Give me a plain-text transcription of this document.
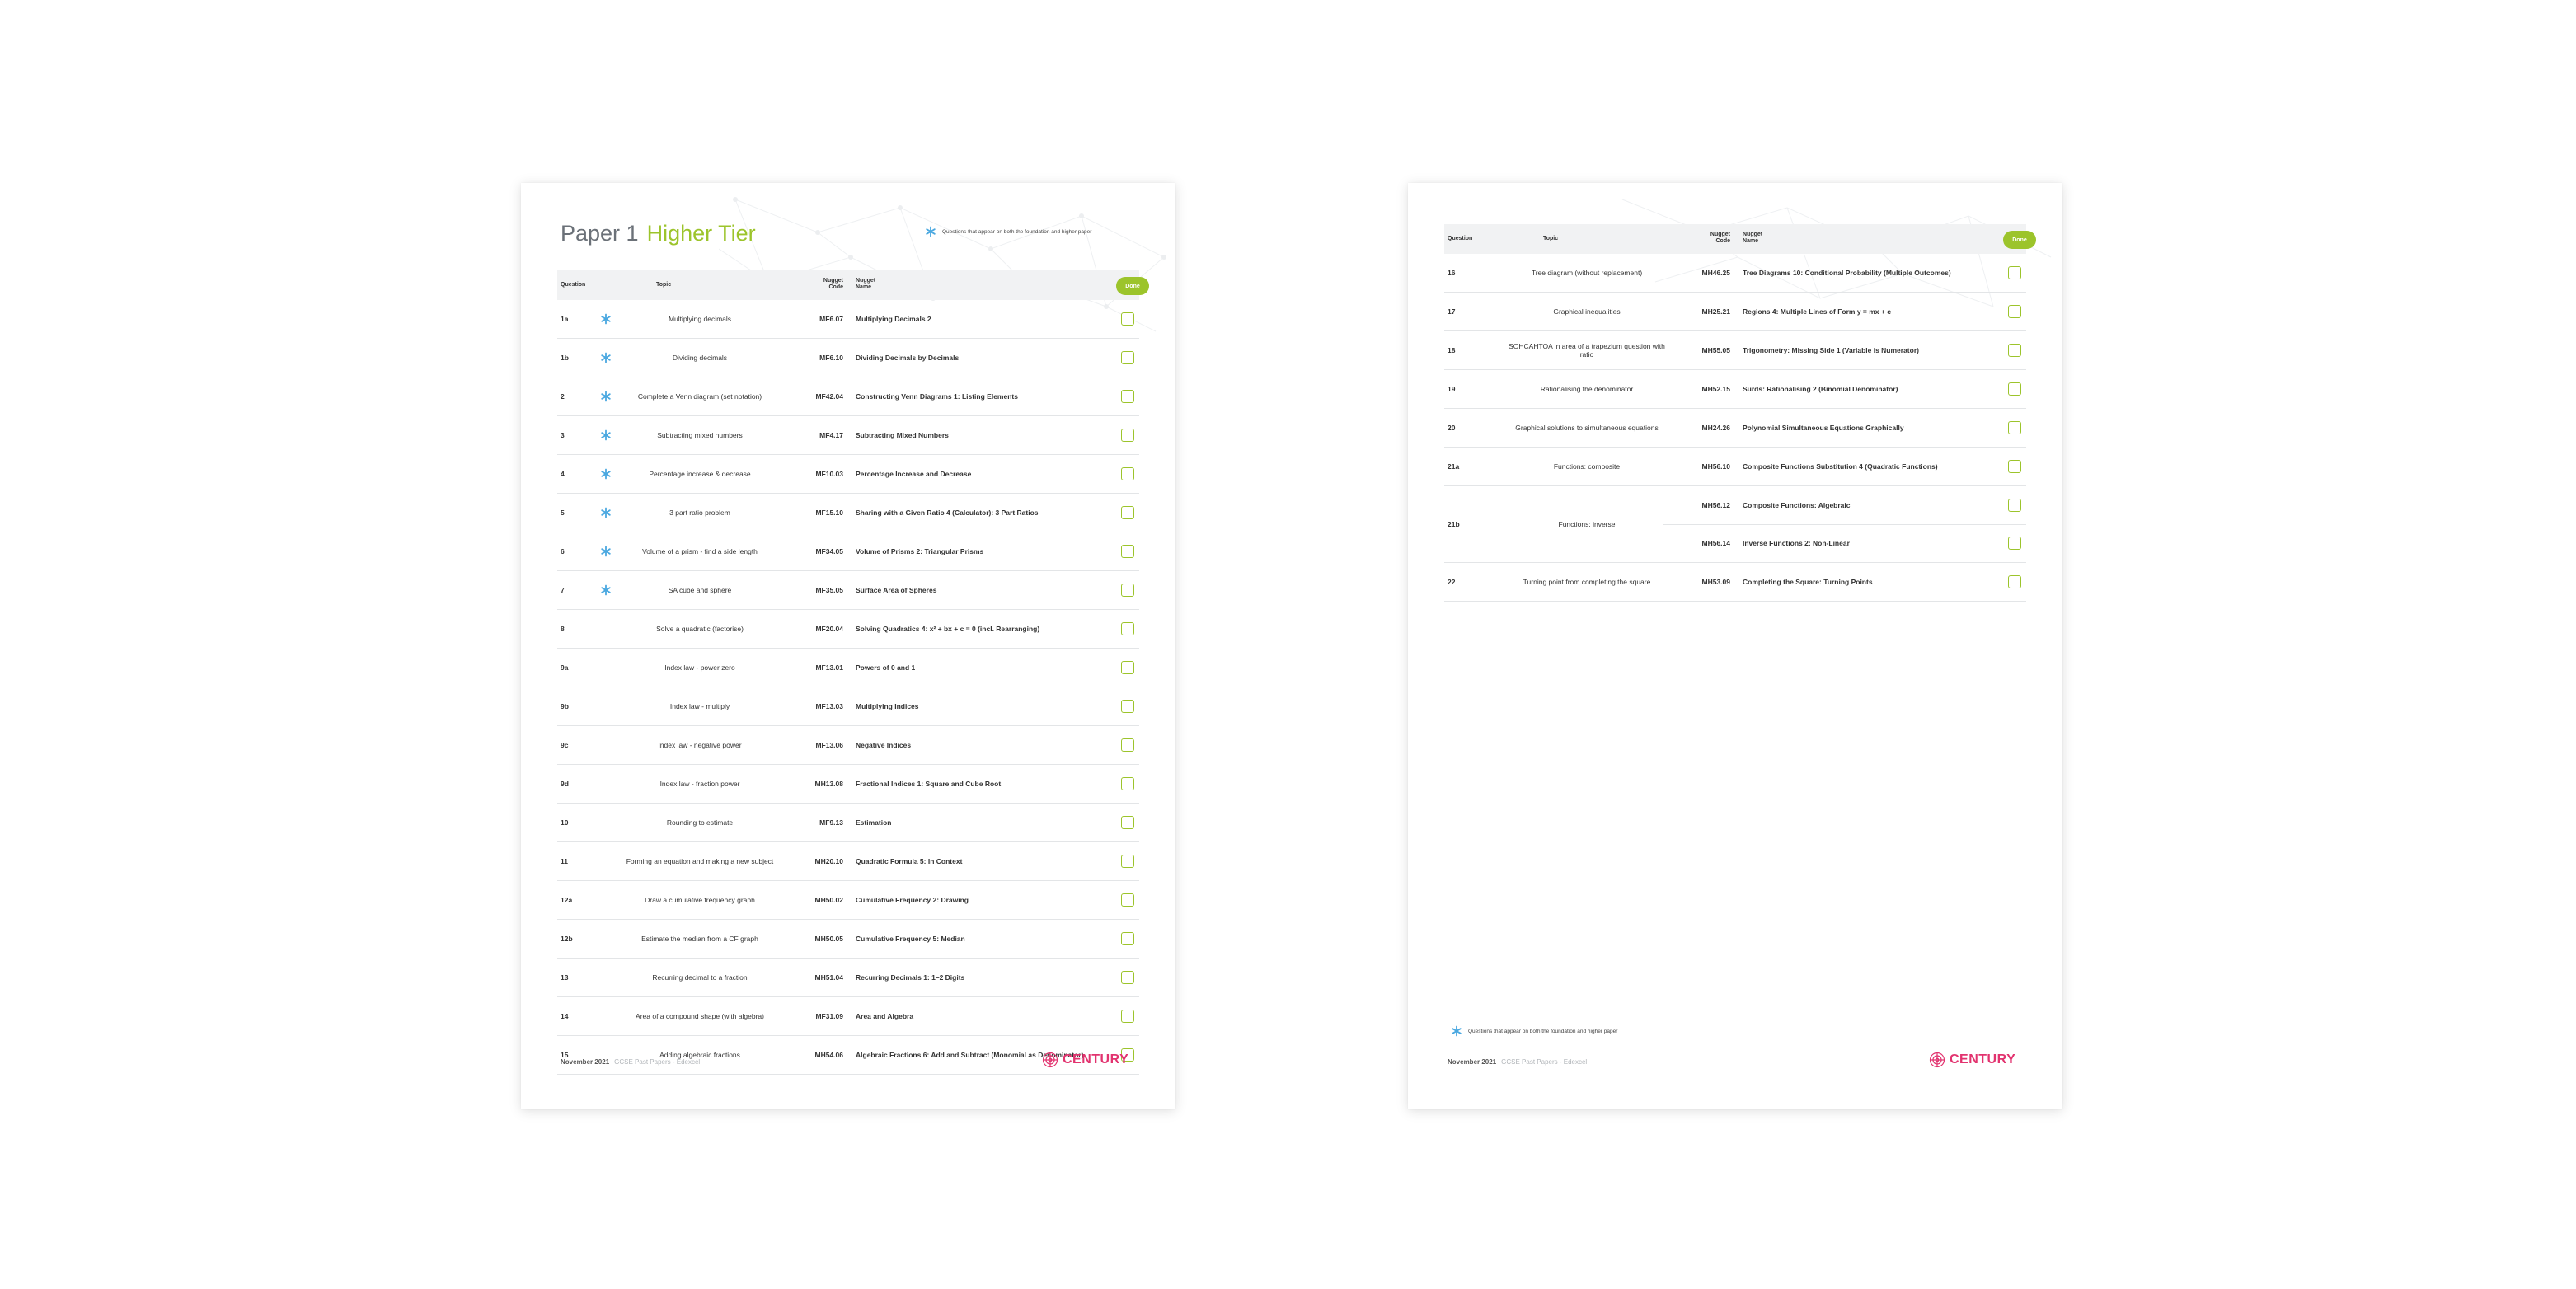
Paper 1 Higher Tier	Questions that appear on both the foundation and higher paper
Question	Topic
Nugget Code
Nugget Name	Done
1a	Multiplying decimals	MF6.07 Multiplying Decimals 2
1b	Dividing decimals	MF6.10 Dividing Decimals by Decimals
2	Complete a Venn diagram (set notation)	MF42.04 Constructing Venn Diagrams 1: Listing Elements
3	Subtracting mixed numbers	MF4.17 Subtracting Mixed Numbers
4	Percentage increase & decrease	MF10.03 Percentage Increase and Decrease
5	3 part ratio problem	MF15.10 Sharing with a Given Ratio 4 (Calculator): 3 Part Ratios
6	Volume of a prism - find a side length	MF34.05 Volume of Prisms 2: Triangular Prisms
7	SA cube and sphere	MF35.05 Surface Area of Spheres
8	Solve a quadratic (factorise)	MF20.04 Solving Quadratics 4: x² + bx + c = 0 (incl. Rearranging)
9a	Index law - power zero	MF13.01 Powers of 0 and 1
9b	Index law - multiply	MF13.03 Multiplying Indices
9c	Index law - negative power	MF13.06 Negative Indices
9d	Index law - fraction power	MH13.08 Fractional Indices 1: Square and Cube Root
10	Rounding to estimate	MF9.13 Estimation
11	Forming an equation and making a new subject	MH20.10 Quadratic Formula 5: In Context
12a	Draw a cumulative frequency graph	MH50.02 Cumulative Frequency 2: Drawing
12b	Estimate the median from a CF graph	MH50.05 Cumulative Frequency 5: Median
13	Recurring decimal to a fraction	MH51.04 Recurring Decimals 1: 1–2 Digits
14	Area of a compound shape (with algebra)	MF31.09 Area and Algebra
15	Adding algebraic fractions	MH54.06 Algebraic Fractions 6: Add and Subtract (Monomial as Denominator)
November 2021 GCSE Past Papers - Edexcel	CENTURY
Question	Topic
Nugget Code
Nugget Name	Done
16	Tree diagram (without replacement)	MH46.25 Tree Diagrams 10: Conditional Probability (Multiple Outcomes)
17	Graphical inequalities	MH25.21 Regions 4: Multiple Lines of Form y = mx + c
18	SOHCAHTOA in area of a trapezium question with ratio	MH55.05 Trigonometry: Missing Side 1 (Variable is Numerator)
19	Rationalising the denominator	MH52.15 Surds: Rationalising 2 (Binomial Denominator)
20	Graphical solutions to simultaneous equations	MH24.26 Polynomial Simultaneous Equations Graphically
21a	Functions: composite	MH56.10 Composite Functions Substitution 4 (Quadratic Functions)
21b	Functions: inverse
MH56.12 Composite Functions: Algebraic
MH56.14 Inverse Functions 2: Non-Linear
22	Turning point from completing the square	MH53.09 Completing the Square: Turning Points
Questions that appear on both the foundation and higher paper
November 2021 GCSE Past Papers - Edexcel	CENTURY
